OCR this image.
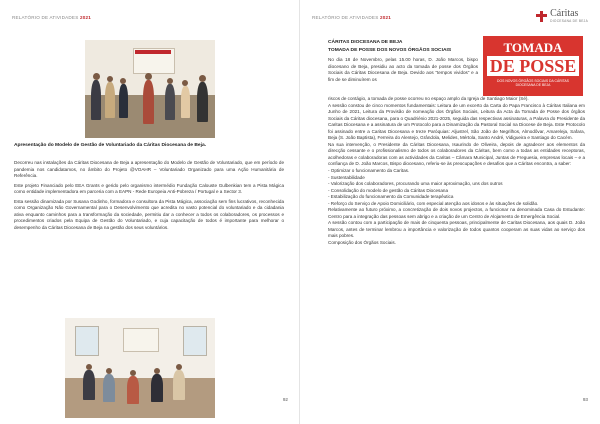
RELATÓRIO DE ATIVIDADES 2021
Apresentação do Modelo de Gestão de Voluntariado da Cáritas Diocesana de Beja.

Decorreu nas instalações da Cáritas Diocesana de Beja a apresentação do Modelo de Gestão de Voluntariado, que em período de pandemia nos candidatamos, no âmbito do Projeto @VOAHR – Voluntariado Organizado para uma Ação Humanitária de Referência.

Este projeto Financiado pelo EEA Grants e gerido pelo organismo intermédio Fundação Calouste Gulbenkian tem a Pista Mágica como entidade implementadora em parceria com a EAPN - Rede Europeia Anti-Pobreza / Portugal e a Sector 3.

Esta sessão dinamizada por Susana Godinho, formadora e consultora da Pista Mágica, associação sem fins lucrativos, reconhecida como Organização Não Governamental para o Desenvolvimento que acredita no vasto potencial do voluntariado e da cidadania ativa enquanto caminhos para a transformação da sociedade, permitiu dar a conhecer a todos os colaboradores, os processos e procedimentos criados pela Equipa de Gestão do Voluntariado, e cuja capacitação de todos é importante para melhorar o desempenho da Cáritas Diocesana de Beja na gestão dos seus voluntários.

92
RELATÓRIO DE ATIVIDADES 2021	Cáritas
DIOCESANA DE BEJA
CÁRITAS DIOCESANA DE BEJA
TOMADA DE POSSE DOS NOVOS ÓRGÃOS SOCIAIS	TOMADA
DE POSSE
DOS NOVOS ÓRGÃOS SOCIAIS DA CÁRITAS DIOCESANA DE BEJA
No dia 18 de Novembro, pelas 15.00 horas, D. João Marcos, bispo diocesano de Beja, presidiu ao acto da tomada de posse dos Órgãos Sociais da Cáritas Diocesana de Beja. Devido aos “tempos vividos” e a fim de se diminuírem os

riscos de contágio, a tomada de posse ocorreu no espaço amplo da Igreja de Santiago Maior (Sé).

A sessão constou de cinco momentos fundamentais: Leitura de um excerto da Carta do Papa Francisco à Cáritas Italiana em Junho de 2021, Leitura da Provisão de nomeação dos Órgãos Sociais, Leitura da Acta da Tomada de Posse dos órgãos Sociais da Cáritas diocesana, para o Quadriénio 2021-2025, seguida das respectivas assinaturas, a Palavra do Presidente da Caritas Diocesana e a assinatura de um Protocolo para a Dinamização da Pastoral Social na Diocese de Beja. Este Protocolo foi assinado entre a Caritas Diocesana e treze Paróquias: Aljustrel, São João de Negrilhos, Almodôvar, Amareleja, Safara, Beja (S. João Baptista), Ferreira do Alentejo, Grândola, Melides, Mértola, Santo André, Vidigueira e Santiago do Cacém.

Na sua intervenção, o Presidente da Cáritas Diocesana, Isaurindo de Oliveira, depois de agradecer aos elementos da direcção cessante e o profissionalismo de todos os colaboradores da Cáritas, bem como a todas as entidades receptoras, acolhedoras e colaboradoras com as actividades da Caritas – Câmara Municipal, Juntas de Freguesia, empresas locais – e a confiança de D. João Marcos, Bispo diocesano, referiu-se às preocupações e desafios que a Cáritas encontra, a saber:

- Optimizar o funcionamento da Caritas.

- Sustentabilidade

- Valorização dos colaboradores, procurando uma maior aproximação, uns dos outros

- Consolidação do modelo de gestão da Cáritas Diocesana

- Estabilização do funcionamento da Comunidade terapêutica

- Reforço do Serviço de Apoio Domiciliário, com especial atenção aos idosos e às situações de solidão.

Relativamente ao futuro próximo, a concretização de dois novos projectos, a funcionar na denominada Casa do Estudante: Centro para a integração das pessoas sem abrigo e a criação de um Centro de Alojamento de Emergência Social.

A sessão contou com a participação de mais de cinquenta pessoas, principalmente de Caritas Diocesana, aos quais D. João Marcos, antes de terminar lembrou a importância e valorização de todos quantos cooperam as suas vidas ao serviço dos mais pobres.

Composição dos Órgãos Sociais.

93
